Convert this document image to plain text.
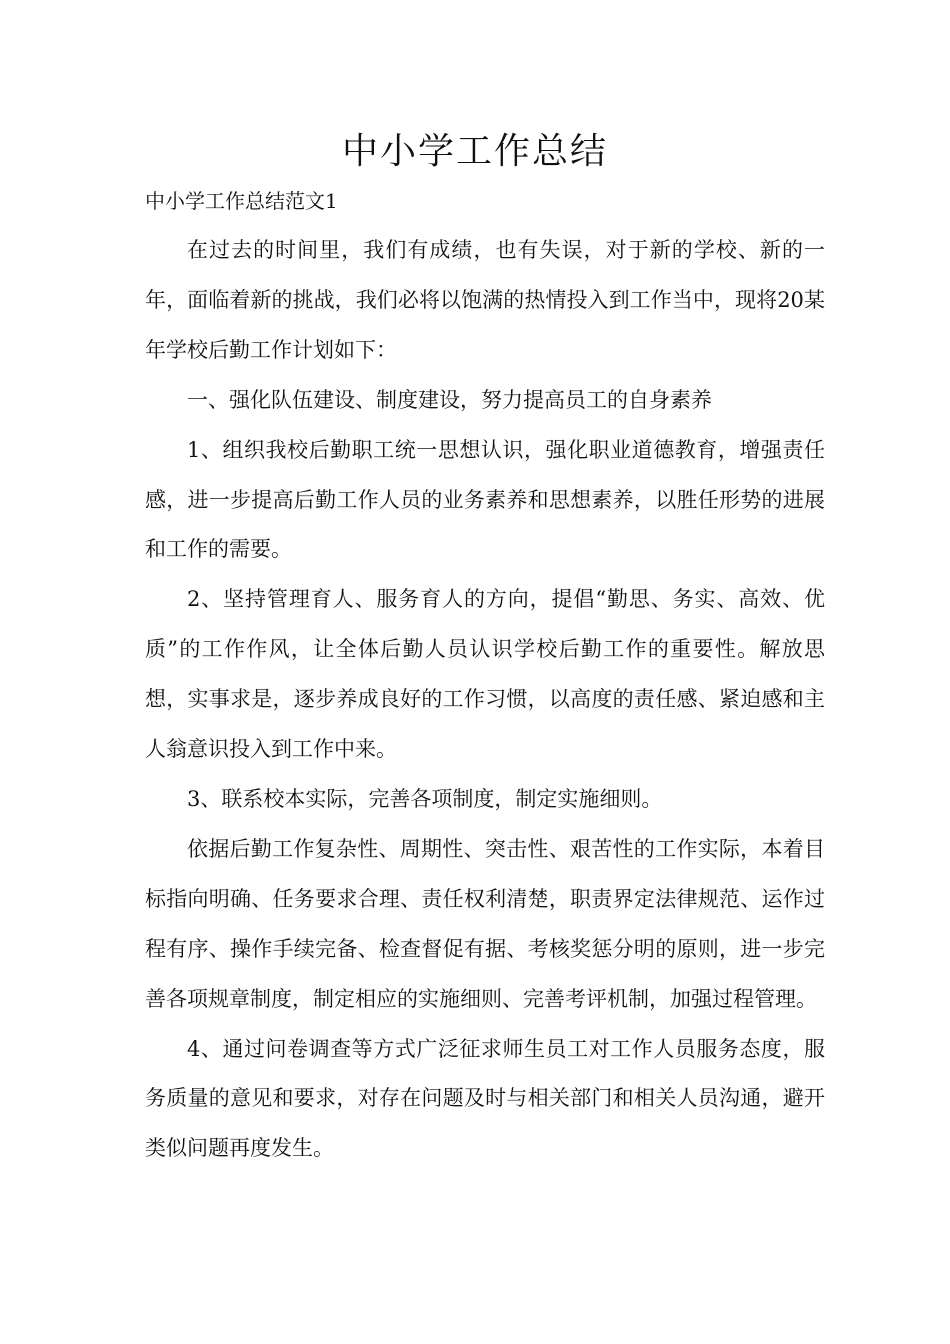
中小学工作总结
中小学工作总结范文1

在过去的时间里，我们有成绩，也有失误，对于新的学校、新的一年，面临着新的挑战，我们必将以饱满的热情投入到工作当中，现将20某年学校后勤工作计划如下：

一、强化队伍建设、制度建设，努力提高员工的自身素养

1、组织我校后勤职工统一思想认识，强化职业道德教育，增强责任感，进一步提高后勤工作人员的业务素养和思想素养，以胜任形势的进展和工作的需要。

2、坚持管理育人、服务育人的方向，提倡“勤思、务实、高效、优质”的工作作风，让全体后勤人员认识学校后勤工作的重要性。解放思想，实事求是，逐步养成良好的工作习惯，以高度的责任感、紧迫感和主人翁意识投入到工作中来。

3、联系校本实际，完善各项制度，制定实施细则。

依据后勤工作复杂性、周期性、突击性、艰苦性的工作实际，本着目标指向明确、任务要求合理、责任权利清楚，职责界定法律规范、运作过程有序、操作手续完备、检查督促有据、考核奖惩分明的原则，进一步完善各项规章制度，制定相应的实施细则、完善考评机制，加强过程管理。

4、通过问卷调查等方式广泛征求师生员工对工作人员服务态度，服务质量的意见和要求，对存在问题及时与相关部门和相关人员沟通，避开类似问题再度发生。
